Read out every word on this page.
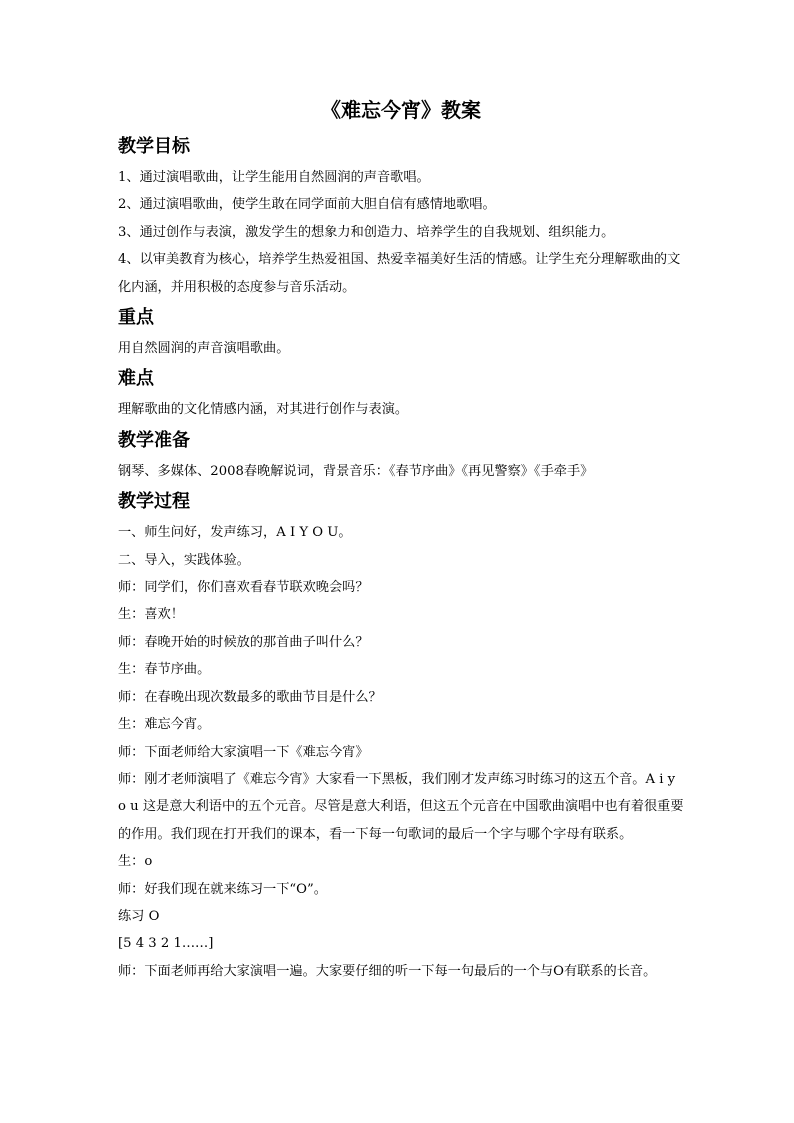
《难忘今宵》教案
教学目标

1、通过演唱歌曲，让学生能用自然圆润的声音歌唱。

2、通过演唱歌曲，使学生敢在同学面前大胆自信有感情地歌唱。

3、通过创作与表演，激发学生的想象力和创造力、培养学生的自我规划、组织能力。

4、以审美教育为核心，培养学生热爱祖国、热爱幸福美好生活的情感。让学生充分理解歌曲的文化内涵，并用积极的态度参与音乐活动。

重点

用自然圆润的声音演唱歌曲。

难点

理解歌曲的文化情感内涵，对其进行创作与表演。

教学准备

钢琴、多媒体、2008春晚解说词，背景音乐：《春节序曲》《再见警察》《手牵手》

教学过程

一、师生问好，发声练习，A I Y O U。

二、导入，实践体验。

师：同学们，你们喜欢看春节联欢晚会吗？

生：喜欢！

师：春晚开始的时候放的那首曲子叫什么？

生：春节序曲。

师：在春晚出现次数最多的歌曲节目是什么？

生：难忘今宵。

师：下面老师给大家演唱一下《难忘今宵》

师：刚才老师演唱了《难忘今宵》大家看一下黑板，我们刚才发声练习时练习的这五个音。A i y o u 这是意大利语中的五个元音。尽管是意大利语，但这五个元音在中国歌曲演唱中也有着很重要的作用。我们现在打开我们的课本，看一下每一句歌词的最后一个字与哪个字母有联系。

生：o

师：好我们现在就来练习一下“O”。

练习 O

[5 4 3 2 1……]

师：下面老师再给大家演唱一遍。大家要仔细的听一下每一句最后的一个与O有联系的长音。
